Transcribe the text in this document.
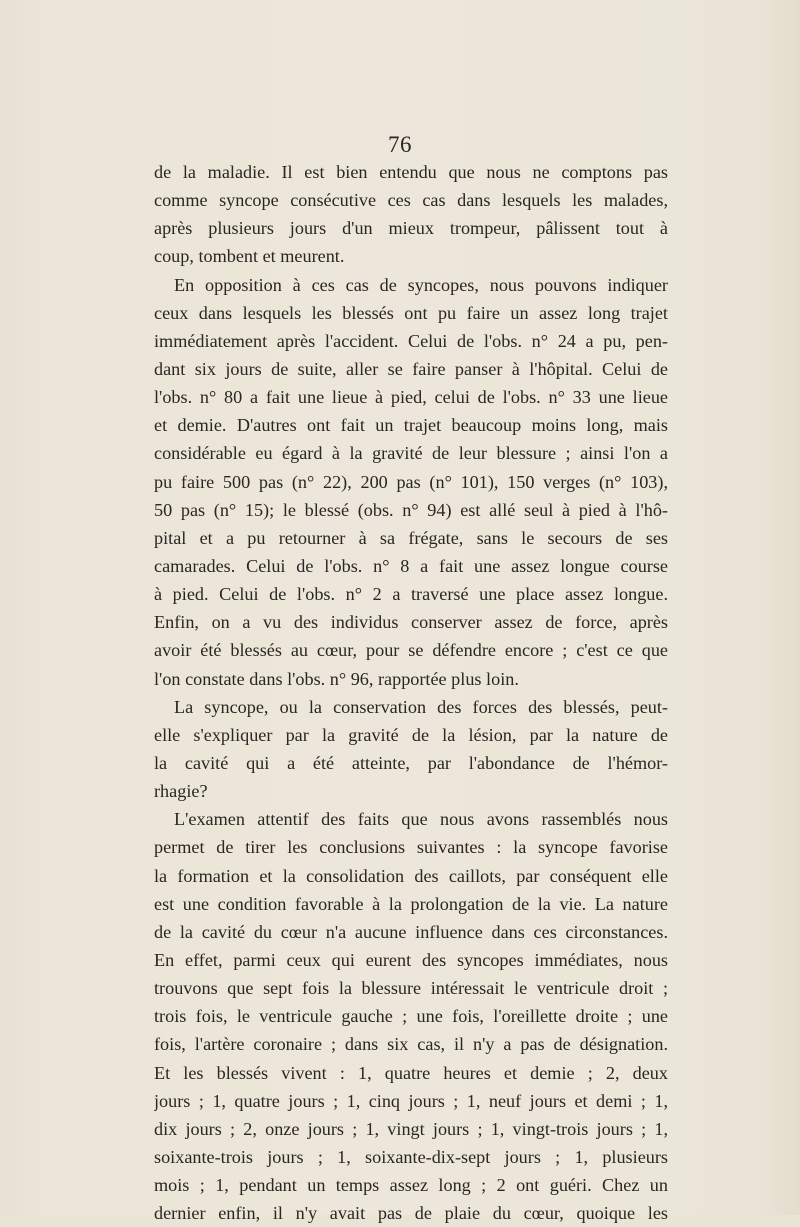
76
de la maladie. Il est bien entendu que nous ne comptons pas
comme syncope consécutive ces cas dans lesquels les malades,
après plusieurs jours d'un mieux trompeur, pâlissent tout à
coup, tombent et meurent.
En opposition à ces cas de syncopes, nous pouvons indiquer
ceux dans lesquels les blessés ont pu faire un assez long trajet
immédiatement après l'accident. Celui de l'obs. n° 24 a pu, pen-
dant six jours de suite, aller se faire panser à l'hôpital. Celui de
l'obs. n° 80 a fait une lieue à pied, celui de l'obs. n° 33 une lieue
et demie. D'autres ont fait un trajet beaucoup moins long, mais
considérable eu égard à la gravité de leur blessure ; ainsi l'on a
pu faire 500 pas (n° 22), 200 pas (n° 101), 150 verges (n° 103),
50 pas (n° 15); le blessé (obs. n° 94) est allé seul à pied à l'hô-
pital et a pu retourner à sa frégate, sans le secours de ses
camarades. Celui de l'obs. n° 8 a fait une assez longue course
à pied. Celui de l'obs. n° 2 a traversé une place assez longue.
Enfin, on a vu des individus conserver assez de force, après
avoir été blessés au cœur, pour se défendre encore ; c'est ce que
l'on constate dans l'obs. n° 96, rapportée plus loin.
La syncope, ou la conservation des forces des blessés, peut-
elle s'expliquer par la gravité de la lésion, par la nature de
la cavité qui a été atteinte, par l'abondance de l'hémor-
rhagie?
L'examen attentif des faits que nous avons rassemblés nous
permet de tirer les conclusions suivantes : la syncope favorise
la formation et la consolidation des caillots, par conséquent elle
est une condition favorable à la prolongation de la vie. La nature
de la cavité du cœur n'a aucune influence dans ces circonstances.
En effet, parmi ceux qui eurent des syncopes immédiates, nous
trouvons que sept fois la blessure intéressait le ventricule droit ;
trois fois, le ventricule gauche ; une fois, l'oreillette droite ; une
fois, l'artère coronaire ; dans six cas, il n'y a pas de désignation.
Et les blessés vivent : 1, quatre heures et demie ; 2, deux
jours ; 1, quatre jours ; 1, cinq jours ; 1, neuf jours et demi ; 1,
dix jours ; 2, onze jours ; 1, vingt jours ; 1, vingt-trois jours ; 1,
soixante-trois jours ; 1, soixante-dix-sept jours ; 1, plusieurs
mois ; 1, pendant un temps assez long ; 2 ont guéri. Chez un
dernier enfin, il n'y avait pas de plaie du cœur, quoique les
